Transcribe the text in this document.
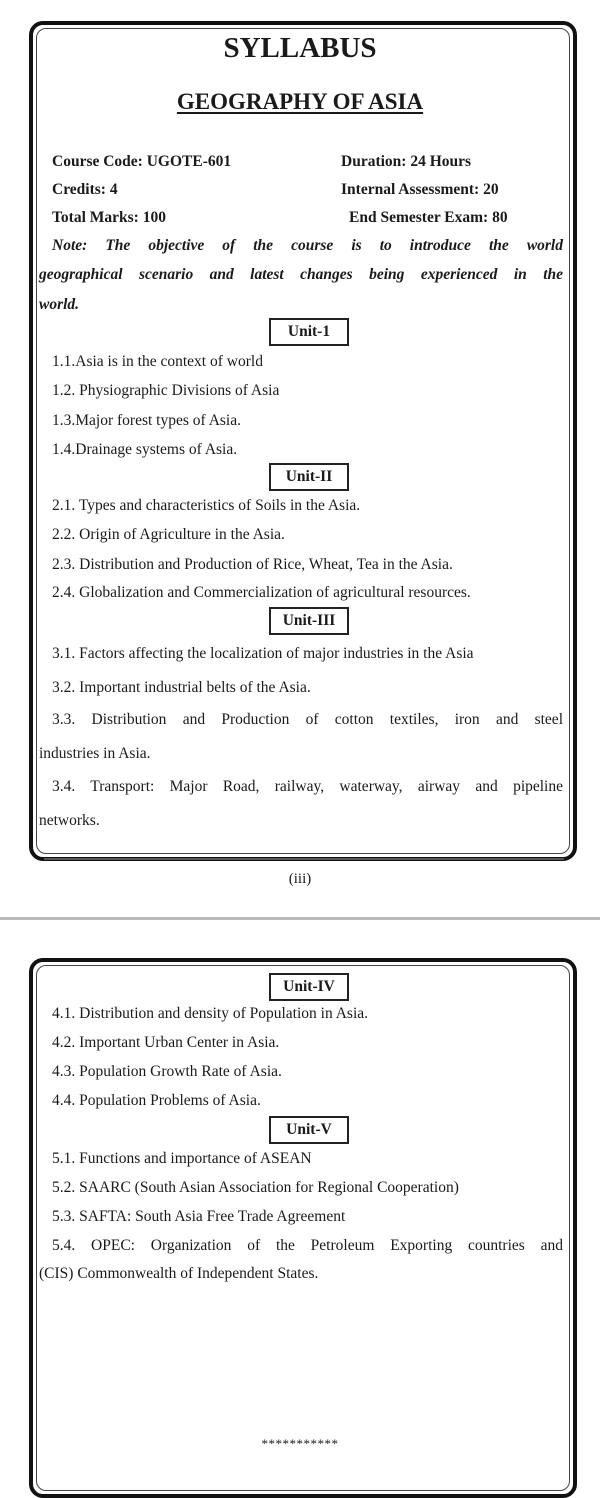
SYLLABUS
GEOGRAPHY OF ASIA
Course Code: UGOTE-601	Duration: 24 Hours
Credits: 4	Internal Assessment: 20
Total Marks: 100	End Semester Exam: 80
Note: The objective of the course is to introduce the world
geographical scenario and latest changes being experienced in the
world.
Unit-1
1.1.Asia is in the context of world
1.2. Physiographic Divisions of Asia
1.3.Major forest types of Asia.
1.4.Drainage systems of Asia.
Unit-II
2.1. Types and characteristics of Soils in the Asia.
2.2. Origin of Agriculture in the Asia.
2.3. Distribution and Production of Rice, Wheat, Tea in the Asia.
2.4. Globalization and Commercialization of agricultural resources.
Unit-III
3.1. Factors affecting the localization of major industries in the Asia
3.2. Important industrial belts of the Asia.
3.3. Distribution and Production of cotton textiles, iron and steel
industries in Asia.
3.4. Transport: Major Road, railway, waterway, airway and pipeline
networks.
(iii)
Unit-IV
4.1. Distribution and density of Population in Asia.
4.2. Important Urban Center in Asia.
4.3. Population Growth Rate of Asia.
4.4. Population Problems of Asia.
Unit-V
5.1. Functions and importance of ASEAN
5.2. SAARC (South Asian Association for Regional Cooperation)
5.3. SAFTA: South Asia Free Trade Agreement
5.4. OPEC: Organization of the Petroleum Exporting countries and
(CIS) Commonwealth of Independent States.
***********
